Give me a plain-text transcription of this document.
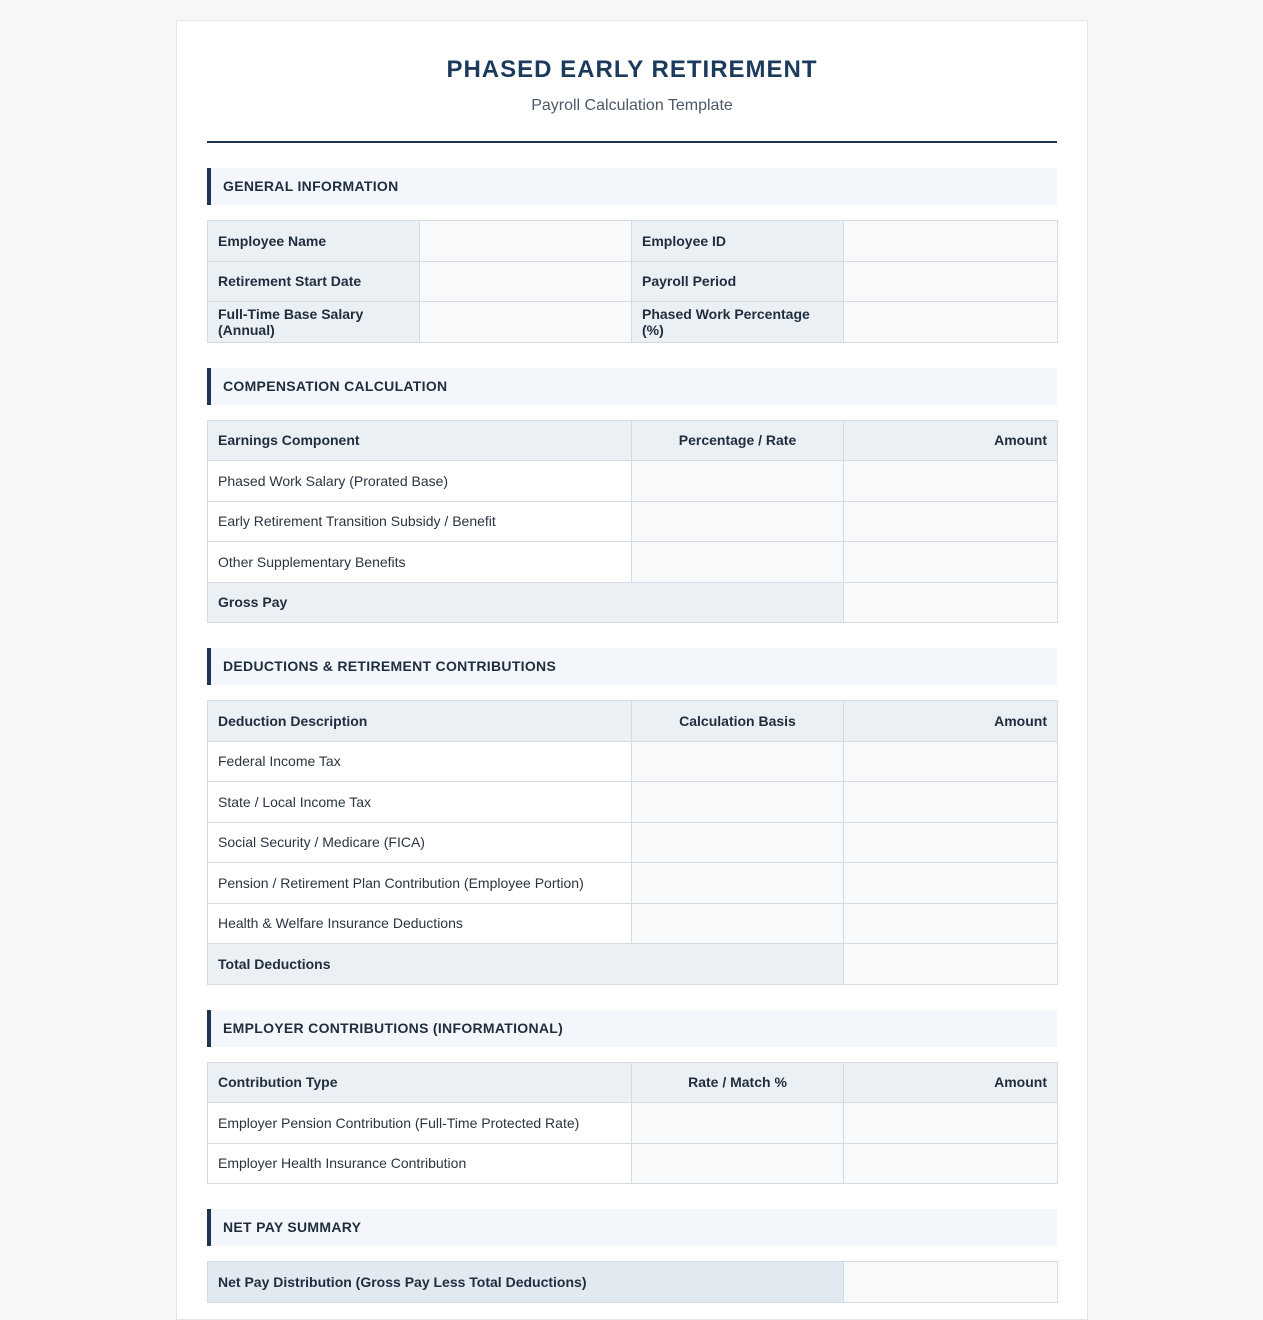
PHASED EARLY RETIREMENT
Payroll Calculation Template
GENERAL INFORMATION
Employee Name		Employee ID	
Retirement Start Date		Payroll Period	
Full-Time Base Salary (Annual)		Phased Work Percentage (%)	
COMPENSATION CALCULATION
Earnings Component	Percentage / Rate	Amount
Phased Work Salary (Prorated Base)		
Early Retirement Transition Subsidy / Benefit		
Other Supplementary Benefits		
Gross Pay		
DEDUCTIONS & RETIREMENT CONTRIBUTIONS
Deduction Description	Calculation Basis	Amount
Federal Income Tax		
State / Local Income Tax		
Social Security / Medicare (FICA)		
Pension / Retirement Plan Contribution (Employee Portion)		
Health & Welfare Insurance Deductions		
Total Deductions		
EMPLOYER CONTRIBUTIONS (INFORMATIONAL)
Contribution Type	Rate / Match %	Amount
Employer Pension Contribution (Full-Time Protected Rate)		
Employer Health Insurance Contribution		
NET PAY SUMMARY
Net Pay Distribution (Gross Pay Less Total Deductions)	
